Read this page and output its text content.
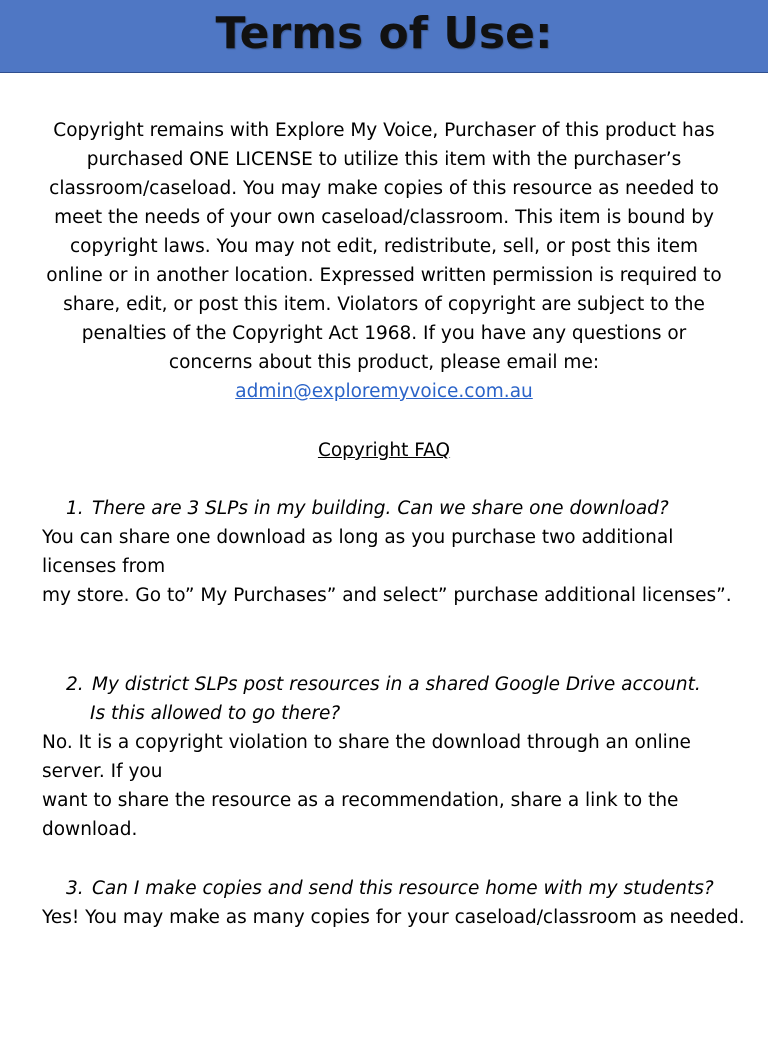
Terms of Use:

Copyright remains with Explore My Voice, Purchaser of this product has purchased ONE LICENSE to utilize this item with the purchaser’s classroom/caseload. You may make copies of this resource as needed to meet the needs of your own caseload/classroom. This item is bound by copyright laws. You may not edit, redistribute, sell, or post this item online or in another location. Expressed written permission is required to share, edit, or post this item. Violators of copyright are subject to the penalties of the Copyright Act 1968. If you have any questions or concerns about this product, please email me:

admin@exploremyvoice.com.au

Copyright FAQ

1. There are 3 SLPs in my building. Can we share one download?

You can share one download as long as you purchase two additional licenses from

my store. Go to” My Purchases” and select” purchase additional licenses”.

2. My district SLPs post resources in a shared Google Drive account.
Is this allowed to go there?

No. It is a copyright violation to share the download through an online server. If you

want to share the resource as a recommendation, share a link to the download.

3. Can I make copies and send this resource home with my students?

Yes! You may make as many copies for your caseload/classroom as needed.
